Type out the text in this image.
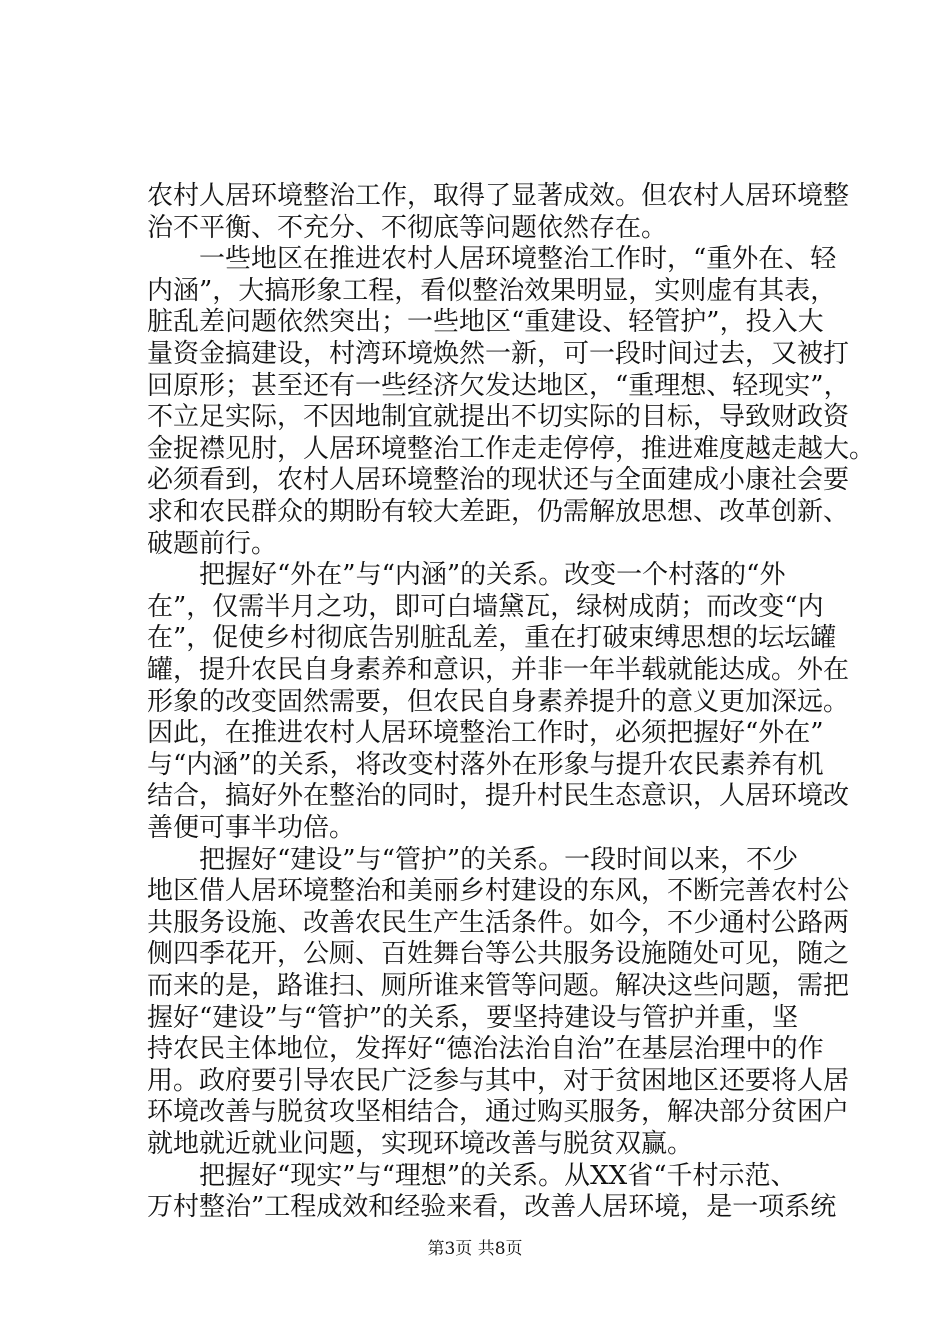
农村人居环境整治工作，取得了显著成效。但农村人居环境整
治不平衡、不充分、不彻底等问题依然存在。
一些地区在推进农村人居环境整治工作时，“重外在、轻
内涵”，大搞形象工程，看似整治效果明显，实则虚有其表，
脏乱差问题依然突出；一些地区“重建设、轻管护”，投入大
量资金搞建设，村湾环境焕然一新，可一段时间过去，又被打
回原形；甚至还有一些经济欠发达地区，“重理想、轻现实”，
不立足实际，不因地制宜就提出不切实际的目标，导致财政资
金捉襟见肘，人居环境整治工作走走停停，推进难度越走越大。
必须看到，农村人居环境整治的现状还与全面建成小康社会要
求和农民群众的期盼有较大差距，仍需解放思想、改革创新、
破题前行。
把握好“外在”与“内涵”的关系。改变一个村落的“外
在”，仅需半月之功，即可白墙黛瓦，绿树成荫；而改变“内
在”，促使乡村彻底告别脏乱差，重在打破束缚思想的坛坛罐
罐，提升农民自身素养和意识，并非一年半载就能达成。外在
形象的改变固然需要，但农民自身素养提升的意义更加深远。
因此，在推进农村人居环境整治工作时，必须把握好“外在”
与“内涵”的关系，将改变村落外在形象与提升农民素养有机
结合，搞好外在整治的同时，提升村民生态意识，人居环境改
善便可事半功倍。
把握好“建设”与“管护”的关系。一段时间以来，不少
地区借人居环境整治和美丽乡村建设的东风，不断完善农村公
共服务设施、改善农民生产生活条件。如今，不少通村公路两
侧四季花开，公厕、百姓舞台等公共服务设施随处可见，随之
而来的是，路谁扫、厕所谁来管等问题。解决这些问题，需把
握好“建设”与“管护”的关系，要坚持建设与管护并重，坚
持农民主体地位，发挥好“德治法治自治”在基层治理中的作
用。政府要引导农民广泛参与其中，对于贫困地区还要将人居
环境改善与脱贫攻坚相结合，通过购买服务，解决部分贫困户
就地就近就业问题，实现环境改善与脱贫双赢。
把握好“现实”与“理想”的关系。从XX省“千村示范、
万村整治”工程成效和经验来看，改善人居环境，是一项系统
第3页 共8页
